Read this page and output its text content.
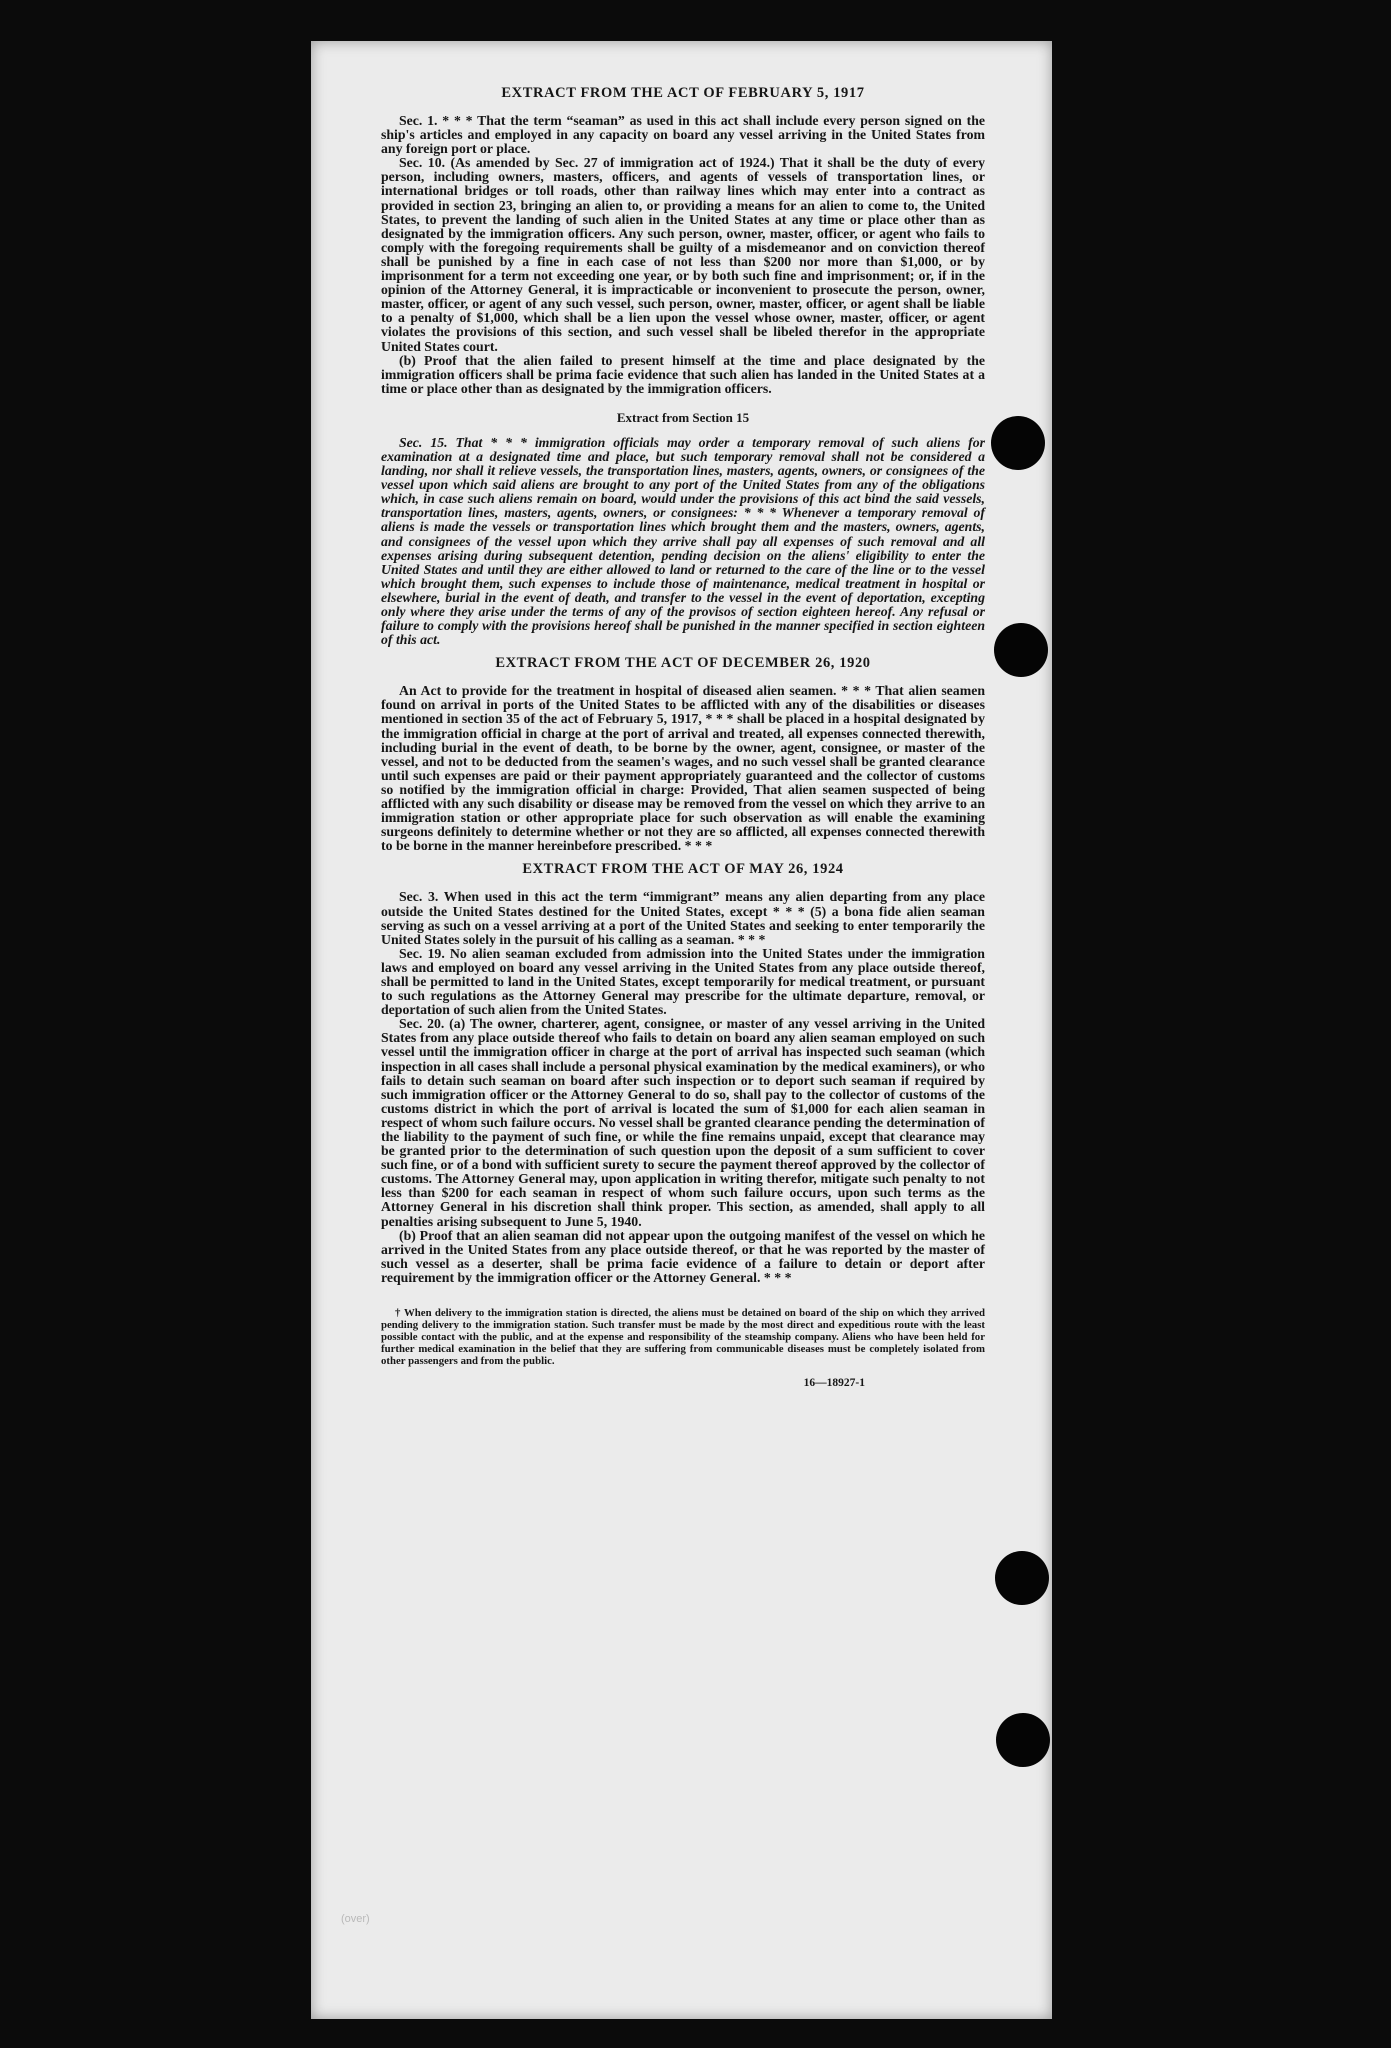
EXTRACT FROM THE ACT OF FEBRUARY 5, 1917

Sec. 1. * * * That the term “seaman” as used in this act shall include every person signed on the ship's articles and employed in any capacity on board any vessel arriving in the United States from any foreign port or place.

Sec. 10. (As amended by Sec. 27 of immigration act of 1924.) That it shall be the duty of every person, including owners, masters, officers, and agents of vessels of transportation lines, or international bridges or toll roads, other than railway lines which may enter into a contract as provided in section 23, bringing an alien to, or providing a means for an alien to come to, the United States, to prevent the landing of such alien in the United States at any time or place other than as designated by the immigration officers. Any such person, owner, master, officer, or agent who fails to comply with the foregoing requirements shall be guilty of a misdemeanor and on conviction thereof shall be punished by a fine in each case of not less than $200 nor more than $1,000, or by imprisonment for a term not exceeding one year, or by both such fine and imprisonment; or, if in the opinion of the Attorney General, it is impracticable or inconvenient to prosecute the person, owner, master, officer, or agent of any such vessel, such person, owner, master, officer, or agent shall be liable to a penalty of $1,000, which shall be a lien upon the vessel whose owner, master, officer, or agent violates the provisions of this section, and such vessel shall be libeled therefor in the appropriate United States court.

(b) Proof that the alien failed to present himself at the time and place designated by the immigration officers shall be prima facie evidence that such alien has landed in the United States at a time or place other than as designated by the immigration officers.

Extract from Section 15

Sec. 15. That * * * immigration officials may order a temporary removal of such aliens for examination at a designated time and place, but such temporary removal shall not be considered a landing, nor shall it relieve vessels, the transportation lines, masters, agents, owners, or consignees of the vessel upon which said aliens are brought to any port of the United States from any of the obligations which, in case such aliens remain on board, would under the provisions of this act bind the said vessels, transportation lines, masters, agents, owners, or consignees: * * * Whenever a temporary removal of aliens is made the vessels or transportation lines which brought them and the masters, owners, agents, and consignees of the vessel upon which they arrive shall pay all expenses of such removal and all expenses arising during subsequent detention, pending decision on the aliens' eligibility to enter the United States and until they are either allowed to land or returned to the care of the line or to the vessel which brought them, such expenses to include those of maintenance, medical treatment in hospital or elsewhere, burial in the event of death, and transfer to the vessel in the event of deportation, excepting only where they arise under the terms of any of the provisos of section eighteen hereof. Any refusal or failure to comply with the provisions hereof shall be punished in the manner specified in section eighteen of this act.

EXTRACT FROM THE ACT OF DECEMBER 26, 1920

An Act to provide for the treatment in hospital of diseased alien seamen. * * * That alien seamen found on arrival in ports of the United States to be afflicted with any of the disabilities or diseases mentioned in section 35 of the act of February 5, 1917, * * * shall be placed in a hospital designated by the immigration official in charge at the port of arrival and treated, all expenses connected therewith, including burial in the event of death, to be borne by the owner, agent, consignee, or master of the vessel, and not to be deducted from the seamen's wages, and no such vessel shall be granted clearance until such expenses are paid or their payment appropriately guaranteed and the collector of customs so notified by the immigration official in charge: Provided, That alien seamen suspected of being afflicted with any such disability or disease may be removed from the vessel on which they arrive to an immigration station or other appropriate place for such observation as will enable the examining surgeons definitely to determine whether or not they are so afflicted, all expenses connected therewith to be borne in the manner hereinbefore prescribed. * * *

EXTRACT FROM THE ACT OF MAY 26, 1924

Sec. 3. When used in this act the term “immigrant” means any alien departing from any place outside the United States destined for the United States, except * * * (5) a bona fide alien seaman serving as such on a vessel arriving at a port of the United States and seeking to enter temporarily the United States solely in the pursuit of his calling as a seaman. * * *

Sec. 19. No alien seaman excluded from admission into the United States under the immigration laws and employed on board any vessel arriving in the United States from any place outside thereof, shall be permitted to land in the United States, except temporarily for medical treatment, or pursuant to such regulations as the Attorney General may prescribe for the ultimate departure, removal, or deportation of such alien from the United States.

Sec. 20. (a) The owner, charterer, agent, consignee, or master of any vessel arriving in the United States from any place outside thereof who fails to detain on board any alien seaman employed on such vessel until the immigration officer in charge at the port of arrival has inspected such seaman (which inspection in all cases shall include a personal physical examination by the medical examiners), or who fails to detain such seaman on board after such inspection or to deport such seaman if required by such immigration officer or the Attorney General to do so, shall pay to the collector of customs of the customs district in which the port of arrival is located the sum of $1,000 for each alien seaman in respect of whom such failure occurs. No vessel shall be granted clearance pending the determination of the liability to the payment of such fine, or while the fine remains unpaid, except that clearance may be granted prior to the determination of such question upon the deposit of a sum sufficient to cover such fine, or of a bond with sufficient surety to secure the payment thereof approved by the collector of customs. The Attorney General may, upon application in writing therefor, mitigate such penalty to not less than $200 for each seaman in respect of whom such failure occurs, upon such terms as the Attorney General in his discretion shall think proper. This section, as amended, shall apply to all penalties arising subsequent to June 5, 1940.

(b) Proof that an alien seaman did not appear upon the outgoing manifest of the vessel on which he arrived in the United States from any place outside thereof, or that he was reported by the master of such vessel as a deserter, shall be prima facie evidence of a failure to detain or deport after requirement by the immigration officer or the Attorney General. * * *

† When delivery to the immigration station is directed, the aliens must be detained on board of the ship on which they arrived pending delivery to the immigration station. Such transfer must be made by the most direct and expeditious route with the least possible contact with the public, and at the expense and responsibility of the steamship company. Aliens who have been held for further medical examination in the belief that they are suffering from communicable diseases must be completely isolated from other passengers and from the public.
16—18927-1
(over)
